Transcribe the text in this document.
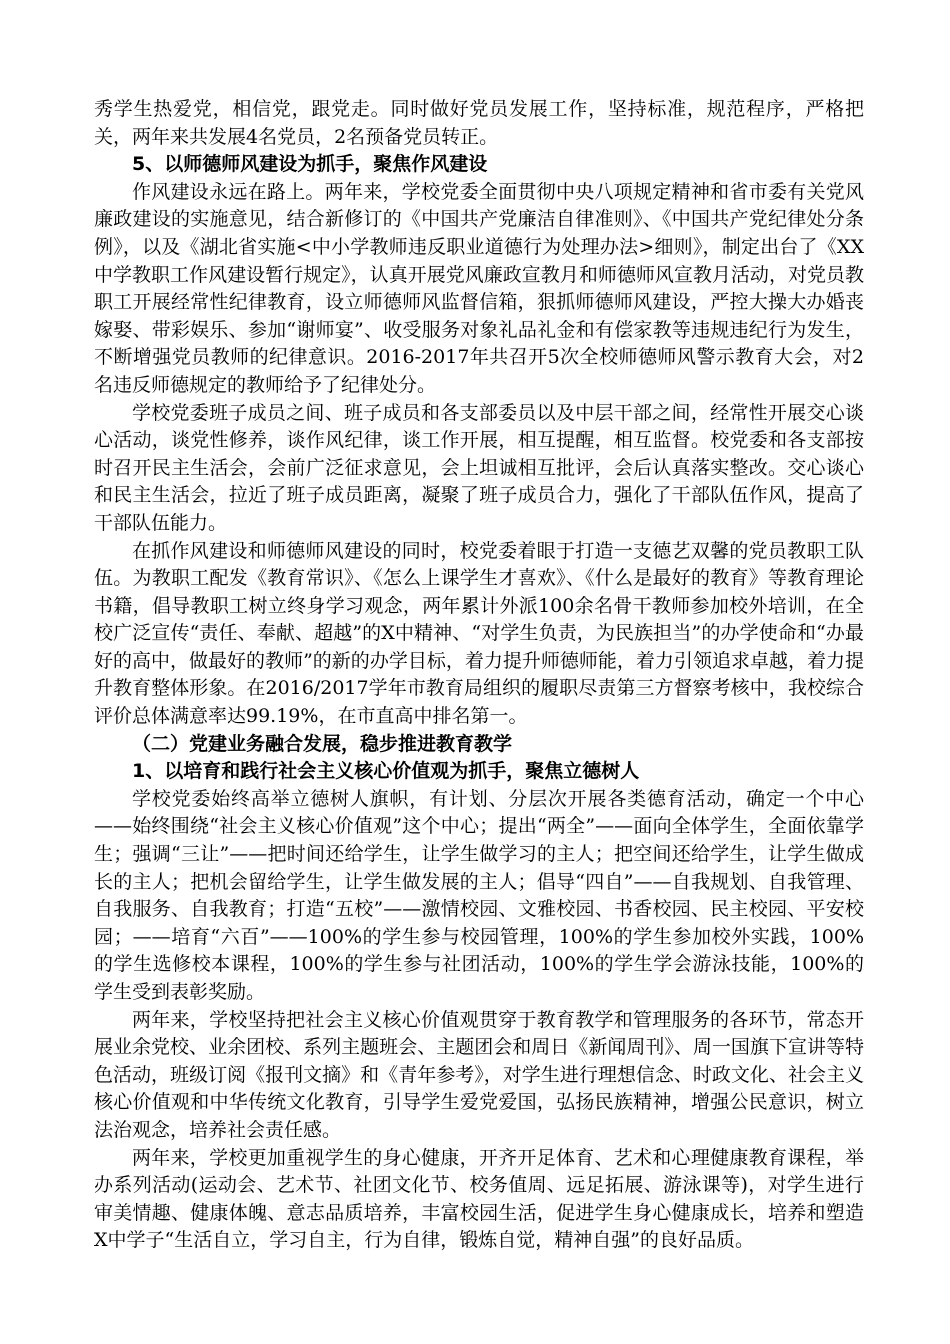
秀学生热爱党，相信党，跟党走。同时做好党员发展工作，坚持标准，规范程序，严格把关，两年来共发展4名党员，2名预备党员转正。

5、以师德师风建设为抓手，聚焦作风建设

作风建设永远在路上。两年来，学校党委全面贯彻中央八项规定精神和省市委有关党风廉政建设的实施意见，结合新修订的《中国共产党廉洁自律准则》、《中国共产党纪律处分条例》，以及《湖北省实施<中小学教师违反职业道德行为处理办法>细则》，制定出台了《XX中学教职工作风建设暂行规定》，认真开展党风廉政宣教月和师德师风宣教月活动，对党员教职工开展经常性纪律教育，设立师德师风监督信箱，狠抓师德师风建设，严控大操大办婚丧嫁娶、带彩娱乐、参加“谢师宴”、收受服务对象礼品礼金和有偿家教等违规违纪行为发生，不断增强党员教师的纪律意识。2016-2017年共召开5次全校师德师风警示教育大会，对2名违反师德规定的教师给予了纪律处分。

学校党委班子成员之间、班子成员和各支部委员以及中层干部之间，经常性开展交心谈心活动，谈党性修养，谈作风纪律，谈工作开展，相互提醒，相互监督。校党委和各支部按时召开民主生活会，会前广泛征求意见，会上坦诚相互批评，会后认真落实整改。交心谈心和民主生活会，拉近了班子成员距离，凝聚了班子成员合力，强化了干部队伍作风，提高了干部队伍能力。

在抓作风建设和师德师风建设的同时，校党委着眼于打造一支德艺双馨的党员教职工队伍。为教职工配发《教育常识》、《怎么上课学生才喜欢》、《什么是最好的教育》等教育理论书籍，倡导教职工树立终身学习观念，两年累计外派100余名骨干教师参加校外培训，在全校广泛宣传“责任、奉献、超越”的X中精神、“对学生负责，为民族担当”的办学使命和“办最好的高中，做最好的教师”的新的办学目标，着力提升师德师能，着力引领追求卓越，着力提升教育整体形象。在2016/2017学年市教育局组织的履职尽责第三方督察考核中，我校综合评价总体满意率达99.19%，在市直高中排名第一。

（二）党建业务融合发展，稳步推进教育教学

1、以培育和践行社会主义核心价值观为抓手，聚焦立德树人

学校党委始终高举立德树人旗帜，有计划、分层次开展各类德育活动，确定一个中心——始终围绕“社会主义核心价值观”这个中心；提出“两全”——面向全体学生，全面依靠学生；强调“三让”——把时间还给学生，让学生做学习的主人；把空间还给学生，让学生做成长的主人；把机会留给学生，让学生做发展的主人；倡导“四自”——自我规划、自我管理、自我服务、自我教育；打造“五校”——激情校园、文雅校园、书香校园、民主校园、平安校园；——培育“六百”——100%的学生参与校园管理，100%的学生参加校外实践，100%的学生选修校本课程，100%的学生参与社团活动，100%的学生学会游泳技能，100%的学生受到表彰奖励。

两年来，学校坚持把社会主义核心价值观贯穿于教育教学和管理服务的各环节，常态开展业余党校、业余团校、系列主题班会、主题团会和周日《新闻周刊》、周一国旗下宣讲等特色活动，班级订阅《报刊文摘》和《青年参考》，对学生进行理想信念、时政文化、社会主义核心价值观和中华传统文化教育，引导学生爱党爱国，弘扬民族精神，增强公民意识，树立法治观念，培养社会责任感。

两年来，学校更加重视学生的身心健康，开齐开足体育、艺术和心理健康教育课程，举办系列活动(运动会、艺术节、社团文化节、校务值周、远足拓展、游泳课等)，对学生进行审美情趣、健康体魄、意志品质培养，丰富校园生活，促进学生身心健康成长，培养和塑造X中学子“生活自立，学习自主，行为自律，锻炼自觉，精神自强”的良好品质。
